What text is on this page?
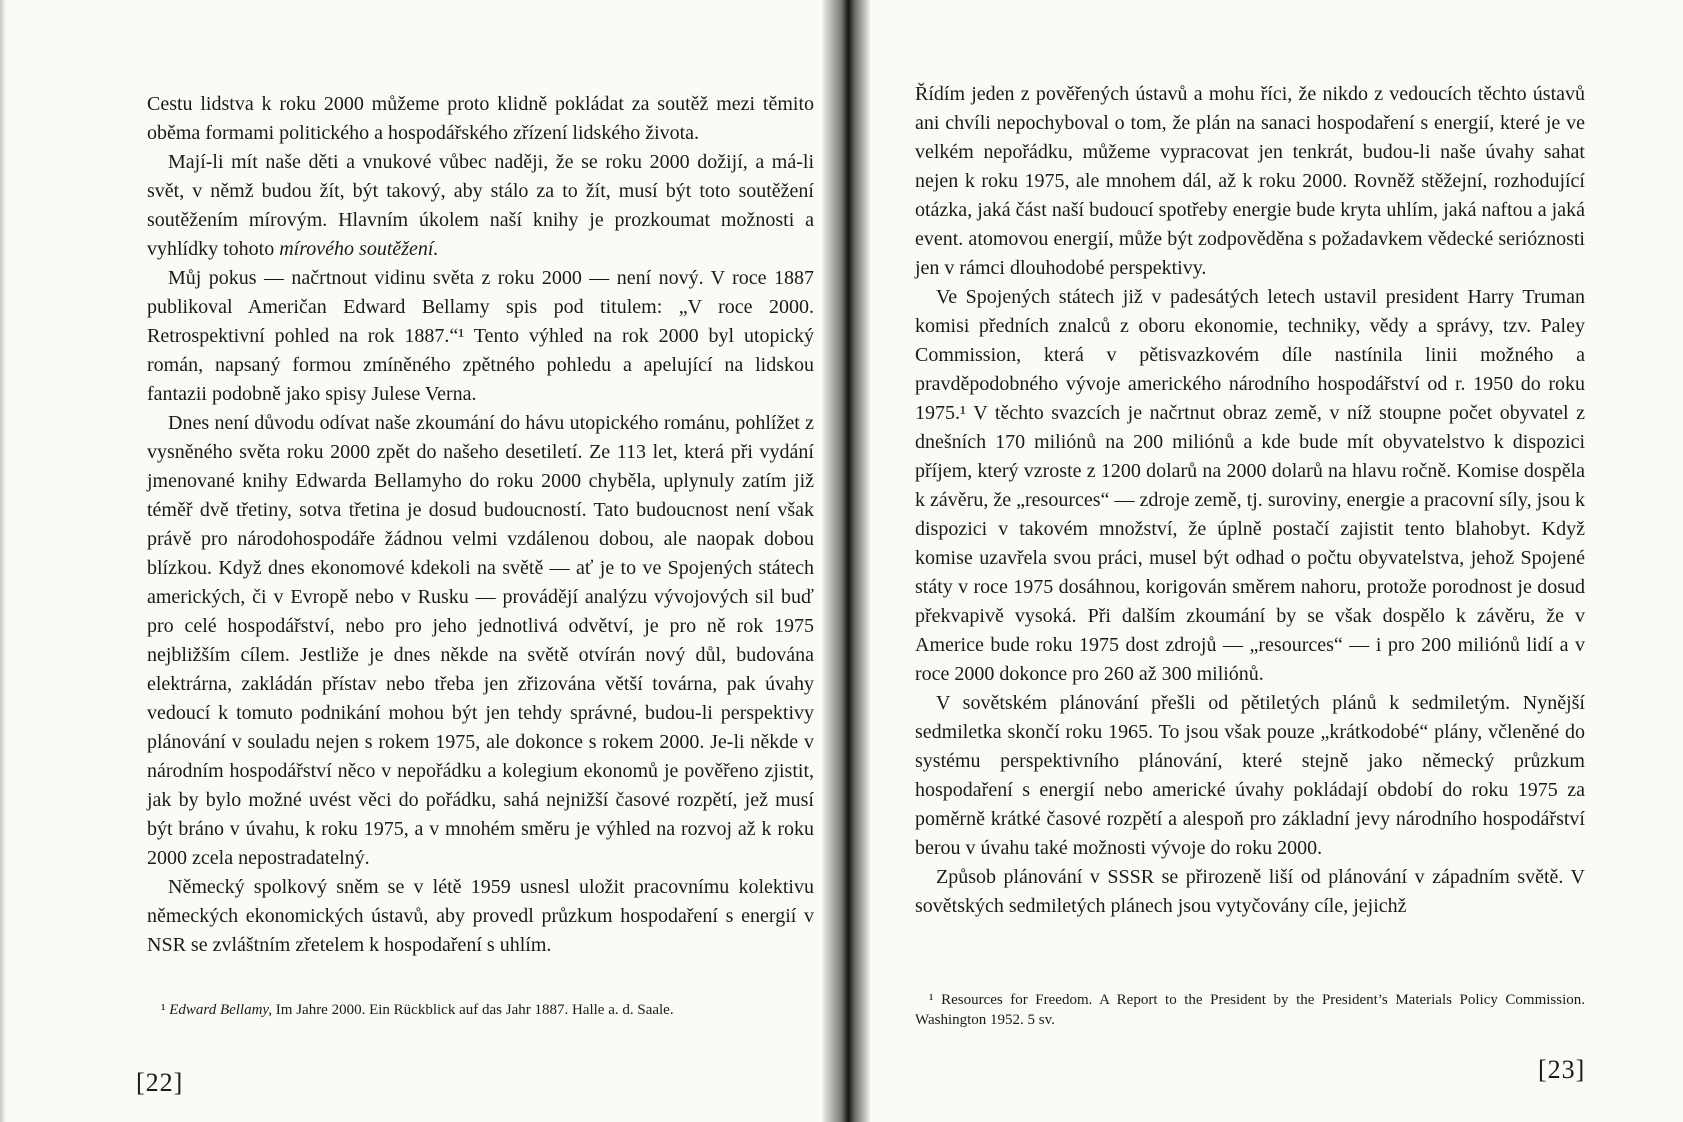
Cestu lidstva k roku 2000 můžeme proto klidně pokládat za soutěž mezi těmito oběma formami politického a hospodářského zřízení lidského života.

Mají-li mít naše děti a vnukové vůbec naději, že se roku 2000 dožijí, a má-li svět, v němž budou žít, být takový, aby stálo za to žít, musí být toto soutěžení soutěžením mírovým. Hlavním úkolem naší knihy je prozkoumat možnosti a vyhlídky tohoto mírového soutěžení.

Můj pokus — načrtnout vidinu světa z roku 2000 — není nový. V roce 1887 publikoval Američan Edward Bellamy spis pod titulem: „V roce 2000. Retrospektivní pohled na rok 1887.“¹ Tento výhled na rok 2000 byl utopický román, napsaný formou zmíněného zpětného pohledu a apelující na lidskou fantazii podobně jako spisy Julese Verna.

Dnes není důvodu odívat naše zkoumání do hávu utopického románu, pohlížet z vysněného světa roku 2000 zpět do našeho desetiletí. Ze 113 let, která při vydání jmenované knihy Edwarda Bellamyho do roku 2000 chyběla, uplynuly zatím již téměř dvě třetiny, sotva třetina je dosud budoucností. Tato budoucnost není však právě pro národohospodáře žádnou velmi vzdálenou dobou, ale naopak dobou blízkou. Když dnes ekonomové kdekoli na světě — ať je to ve Spojených státech amerických, či v Evropě nebo v Rusku — provádějí analýzu vývojových sil buď pro celé hospodářství, nebo pro jeho jednotlivá odvětví, je pro ně rok 1975 nejbližším cílem. Jestliže je dnes někde na světě otvírán nový důl, budována elektrárna, zakládán přístav nebo třeba jen zřizována větší továrna, pak úvahy vedoucí k tomuto podnikání mohou být jen tehdy správné, budou-li perspektivy plánování v souladu nejen s rokem 1975, ale dokonce s rokem 2000. Je-li někde v národním hospodářství něco v nepořádku a kolegium ekonomů je pověřeno zjistit, jak by bylo možné uvést věci do pořádku, sahá nejnižší časové rozpětí, jež musí být bráno v úvahu, k roku 1975, a v mnohém směru je výhled na rozvoj až k roku 2000 zcela nepostradatelný.

Německý spolkový sněm se v létě 1959 usnesl uložit pracovnímu kolektivu německých ekonomických ústavů, aby provedl průzkum hospodaření s energií v NSR se zvláštním zřetelem k hospodaření s uhlím.

¹ Edward Bellamy, Im Jahre 2000. Ein Rückblick auf das Jahr 1887. Halle a. d. Saale.

[22]

Řídím jeden z pověřených ústavů a mohu říci, že nikdo z vedoucích těchto ústavů ani chvíli nepochyboval o tom, že plán na sanaci hospodaření s energií, které je ve velkém nepořádku, můžeme vypracovat jen tenkrát, budou-li naše úvahy sahat nejen k roku 1975, ale mnohem dál, až k roku 2000. Rovněž stěžejní, rozhodující otázka, jaká část naší budoucí spotřeby energie bude kryta uhlím, jaká naftou a jaká event. atomovou energií, může být zodpověděna s požadavkem vědecké serióznosti jen v rámci dlouhodobé perspektivy.

Ve Spojených státech již v padesátých letech ustavil president Harry Truman komisi předních znalců z oboru ekonomie, techniky, vědy a správy, tzv. Paley Commission, která v pětisvazkovém díle nastínila linii možného a pravděpodobného vývoje amerického národního hospodářství od r. 1950 do roku 1975.¹ V těchto svazcích je načrtnut obraz země, v níž stoupne počet obyvatel z dnešních 170 miliónů na 200 miliónů a kde bude mít obyvatelstvo k dispozici příjem, který vzroste z 1200 dolarů na 2000 dolarů na hlavu ročně. Komise dospěla k závěru, že „resources“ — zdroje země, tj. suroviny, energie a pracovní síly, jsou k dispozici v takovém množství, že úplně postačí zajistit tento blahobyt. Když komise uzavřela svou práci, musel být odhad o počtu obyvatelstva, jehož Spojené státy v roce 1975 dosáhnou, korigován směrem nahoru, protože porodnost je dosud překvapivě vysoká. Při dalším zkoumání by se však dospělo k závěru, že v Americe bude roku 1975 dost zdrojů — „resources“ — i pro 200 miliónů lidí a v roce 2000 dokonce pro 260 až 300 miliónů.

V sovětském plánování přešli od pětiletých plánů k sedmiletým. Nynější sedmiletka skončí roku 1965. To jsou však pouze „krátkodobé“ plány, včleněné do systému perspektivního plánování, které stejně jako německý průzkum hospodaření s energií nebo americké úvahy pokládají období do roku 1975 za poměrně krátké časové rozpětí a alespoň pro základní jevy národního hospodářství berou v úvahu také možnosti vývoje do roku 2000.

Způsob plánování v SSSR se přirozeně liší od plánování v západním světě. V sovětských sedmiletých plánech jsou vytyčovány cíle, jejichž

¹ Resources for Freedom. A Report to the President by the President’s Materials Policy Commission. Washington 1952. 5 sv.

[23]
